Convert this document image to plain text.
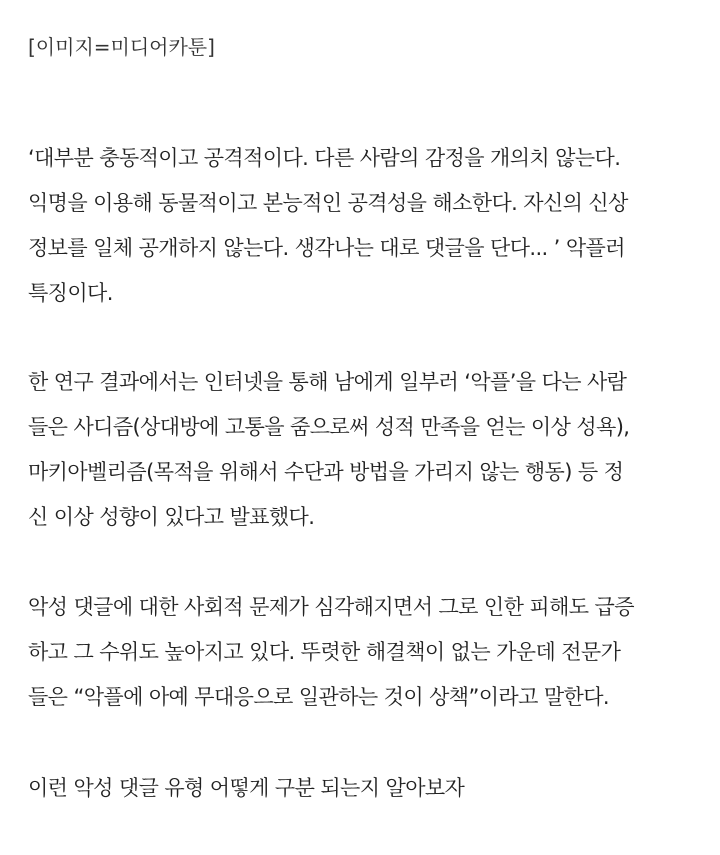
[이미지=미디어카툰]
‘대부분 충동적이고 공격적이다. 다른 사람의 감정을 개의치 않는다.
익명을 이용해 동물적이고 본능적인 공격성을 해소한다. 자신의 신상
정보를 일체 공개하지 않는다. 생각나는 대로 댓글을 단다... ’ 악플러
특징이다.
한 연구 결과에서는 인터넷을 통해 남에게 일부러 ‘악플’을 다는 사람
들은 사디즘(상대방에 고통을 줌으로써 성적 만족을 얻는 이상 성욕),
마키아벨리즘(목적을 위해서 수단과 방법을 가리지 않는 행동) 등 정
신 이상 성향이 있다고 발표했다.
악성 댓글에 대한 사회적 문제가 심각해지면서 그로 인한 피해도 급증
하고 그 수위도 높아지고 있다. 뚜렷한 해결책이 없는 가운데 전문가
들은 “악플에 아예 무대응으로 일관하는 것이 상책”이라고 말한다.
이런 악성 댓글 유형 어떻게 구분 되는지 알아보자
